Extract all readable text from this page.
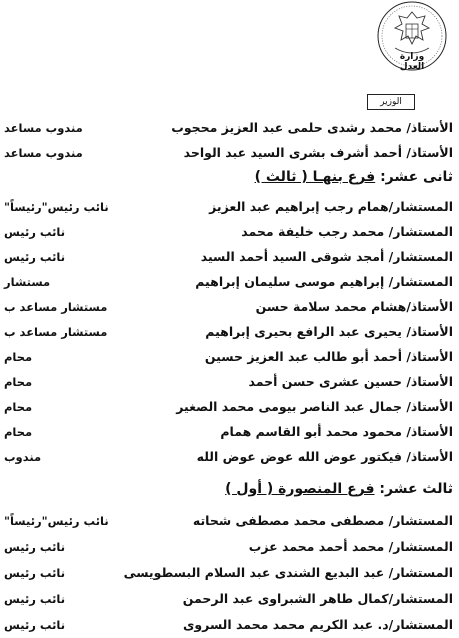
وزارة العدل
الوزير
الأستاذ/ محمد رشدى حلمى عبد العزيز محجوب
مندوب مساعد
الأستاذ/ أحمد أشرف بشرى السيد عبد الواحد
مندوب مساعد
ثانى عشر: فرع بنهـا ( ثالث )
المستشار/همام رجب إبراهيم عبد العزيز
نائب رئيس"رئيساً"
المستشار/ محمد رجب خليفة محمد
نائب رئيس
المستشار/ أمجد شوقى السيد أحمد السيد
نائب رئيس
المستشار/ إبراهيم موسى سليمان إبراهيم
مستشار
الأستاذ/هشام محمد سلامة حسن
مستشار مساعد ب
الأستاذ/ يحيرى عبد الرافع بحيرى إبراهيم
مستشار مساعد ب
الأستاذ/ أحمد أبو طالب عبد العزيز حسين
محام
الأستاذ/ حسين عشرى حسن أحمد
محام
الأستاذ/ جمال عبد الناصر بيومى محمد الصغير
محام
الأستاذ/ محمود محمد أبو القاسم همام
محام
الأستاذ/ فيكتور عوض الله عوض عوض الله
مندوب
ثالث عشر: فرع المنصورة ( أول )
المستشار/ مصطفى محمد مصطفى شحاته
نائب رئيس"رئيساً"
المستشار/ محمد أحمد محمد عزب
نائب رئيس
المستشار/ عبد البديع الشندى عبد السلام البسطويسى
نائب رئيس
المستشار/كمال طاهر الشبراوى عبد الرحمن
نائب رئيس
المستشار/د. عبد الكريم محمد محمد السروى
نائب رئيس
